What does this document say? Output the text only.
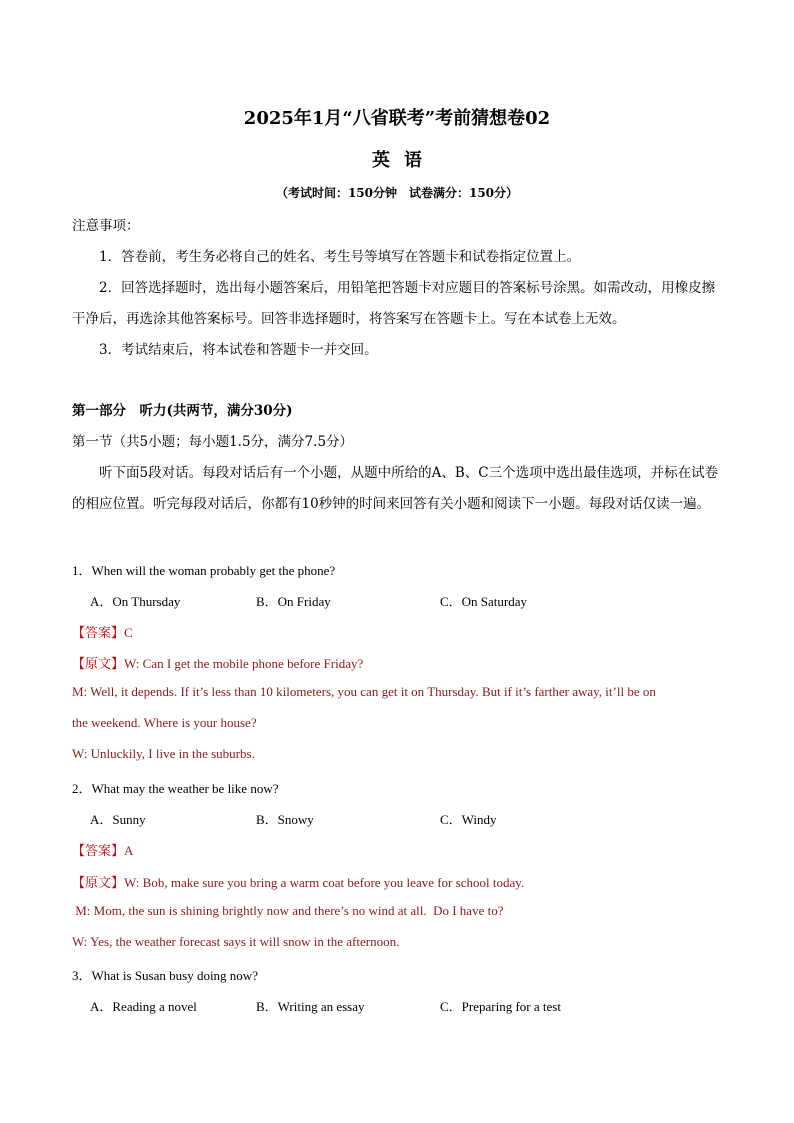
2025年1月“八省联考”考前猜想卷02
英语
（考试时间：150分钟　试卷满分：150分）
注意事项：
1．答卷前，考生务必将自己的姓名、考生号等填写在答题卡和试卷指定位置上。
2．回答选择题时，选出每小题答案后，用铅笔把答题卡对应题目的答案标号涂黑。如需改动，用橡皮擦干净后，再选涂其他答案标号。回答非选择题时，将答案写在答题卡上。写在本试卷上无效。
3．考试结束后，将本试卷和答题卡一并交回。
第一部分　听力(共两节，满分30分)
第一节（共5小题；每小题1.5分，满分7.5分）
听下面5段对话。每段对话后有一个小题，从题中所给的A、B、C三个选项中选出最佳选项，并标在试卷的相应位置。听完每段对话后，你都有10秒钟的时间来回答有关小题和阅读下一小题。每段对话仅读一遍。
1．When will the woman probably get the phone?
A．On Thursday	B．On Friday	C．On Saturday
【答案】C
【原文】W: Can I get the mobile phone before Friday?
M: Well, it depends. If it’s less than 10 kilometers, you can get it on Thursday. But if it’s farther away, it’ll be on
the weekend. Where is your house?
W: Unluckily, I live in the suburbs.
2．What may the weather be like now?
A．Sunny	B．Snowy	C．Windy
【答案】A
【原文】W: Bob, make sure you bring a warm coat before you leave for school today.
M: Mom, the sun is shining brightly now and there’s no wind at all.  Do I have to?
W: Yes, the weather forecast says it will snow in the afternoon.
3．What is Susan busy doing now?
A．Reading a novel	B．Writing an essay	C．Preparing for a test
